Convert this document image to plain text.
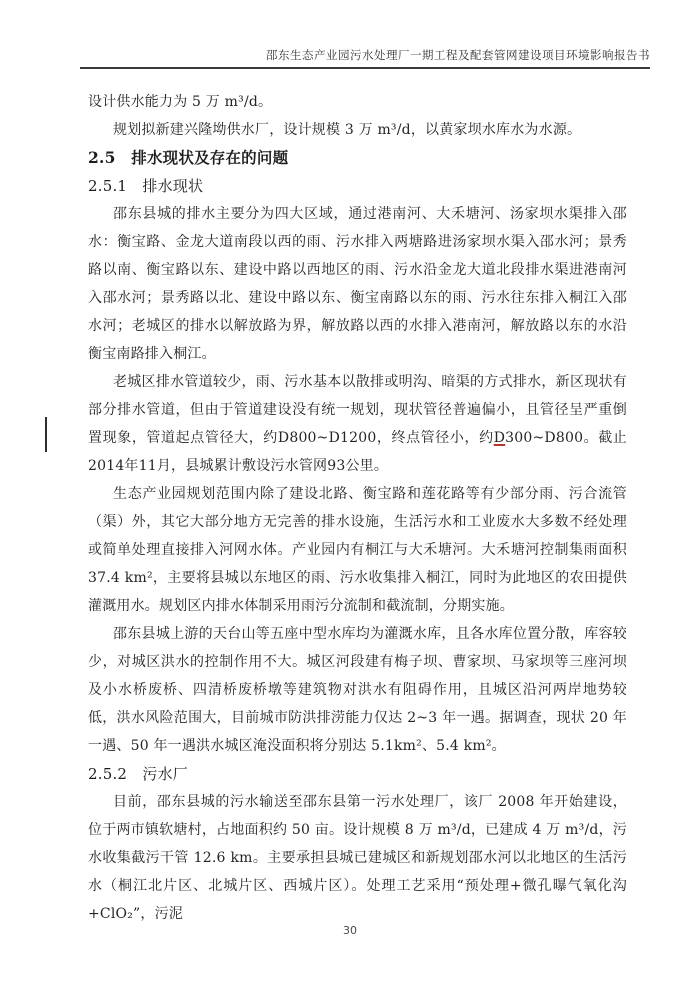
邵东生态产业园污水处理厂一期工程及配套管网建设项目环境影响报告书

设计供水能力为 5 万 m³/d。

规划拟新建兴隆坳供水厂，设计规模 3 万 m³/d，以黄家坝水库水为水源。

2.5　排水现状及存在的问题
2.5.1　排水现状

邵东县城的排水主要分为四大区域，通过港南河、大禾塘河、汤家坝水渠排入邵水：衡宝路、金龙大道南段以西的雨、污水排入两塘路进汤家坝水渠入邵水河；景秀路以南、衡宝路以东、建设中路以西地区的雨、污水沿金龙大道北段排水渠进港南河入邵水河；景秀路以北、建设中路以东、衡宝南路以东的雨、污水往东排入桐江入邵水河；老城区的排水以解放路为界，解放路以西的水排入港南河，解放路以东的水沿衡宝南路排入桐江。

老城区排水管道较少，雨、污水基本以散排或明沟、暗渠的方式排水，新区现状有部分排水管道，但由于管道建设没有统一规划，现状管径普遍偏小，且管径呈严重倒置现象，管道起点管径大，约D800~D1200，终点管径小，约D300~D800。截止2014年11月，县城累计敷设污水管网93公里。

生态产业园规划范围内除了建设北路、衡宝路和莲花路等有少部分雨、污合流管（渠）外，其它大部分地方无完善的排水设施，生活污水和工业废水大多数不经处理或简单处理直接排入河网水体。产业园内有桐江与大禾塘河。大禾塘河控制集雨面积 37.4 km²，主要将县城以东地区的雨、污水收集排入桐江，同时为此地区的农田提供灌溉用水。规划区内排水体制采用雨污分流制和截流制，分期实施。

邵东县城上游的天台山等五座中型水库均为灌溉水库，且各水库位置分散，库容较少，对城区洪水的控制作用不大。城区河段建有梅子坝、曹家坝、马家坝等三座河坝及小水桥废桥、四清桥废桥墩等建筑物对洪水有阻碍作用，且城区沿河两岸地势较低，洪水风险范围大，目前城市防洪排涝能力仅达 2~3 年一遇。据调查，现状 20 年一遇、50 年一遇洪水城区淹没面积将分别达 5.1km²、5.4 km²。

2.5.2　污水厂

目前，邵东县城的污水输送至邵东县第一污水处理厂，该厂 2008 年开始建设，位于两市镇软塘村，占地面积约 50 亩。设计规模 8 万 m³/d，已建成 4 万 m³/d，污水收集截污干管 12.6 km。主要承担县城已建城区和新规划邵水河以北地区的生活污水（桐江北片区、北城片区、西城片区）。处理工艺采用“预处理+微孔曝气氧化沟+ClO₂”，污泥

30
